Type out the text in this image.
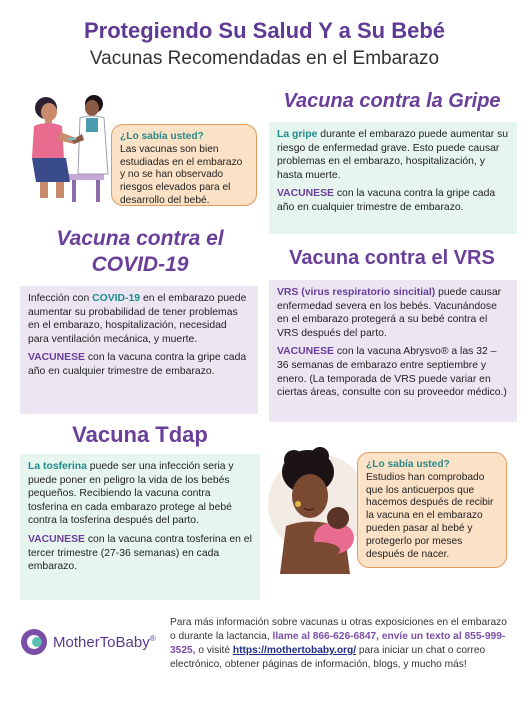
Protegiendo Su Salud Y a Su Bebé
Vacunas Recomendadas en el Embarazo
¿Lo sabía usted?
Las vacunas son bien estudiadas en el embarazo y no se han observado riesgos elevados para el desarrollo del bebé.
Vacuna contra la Gripe

La gripe durante el embarazo puede aumentar su riesgo de enfermedad grave. Esto puede causar problemas en el embarazo, hospitalización, y hasta muerte.

VACUNESE con la vacuna contra la gripe cada año en cualquier trimestre de embarazo.

Vacuna contra el
COVID-19

Infección con COVID-19 en el embarazo puede aumentar su probabilidad de tener problemas en el embarazo, hospitalización, necesidad para ventilación mecánica, y muerte.

VACUNESE con la vacuna contra la gripe cada año en cualquier trimestre de embarazo.

Vacuna contra el VRS

VRS (virus respiratorio sincitial) puede causar enfermedad severa en los bebés. Vacunándose en el embarazo protegerá a su bebé contra el VRS después del parto.

VACUNESE con la vacuna Abrysvo® a las 32 – 36 semanas de embarazo entre septiembre y enero. (La temporada de VRS puede variar en ciertas áreas, consulte con su proveedor médico.)

Vacuna Tdap

La tosferina puede ser una infección seria y puede poner en peligro la vida de los bebés pequeños. Recibiendo la vacuna contra tosferina en cada embarazo protege al bebé contra la tosferina después del parto.

VACUNESE con la vacuna contra tosferina en el tercer trimestre (27-36 semanas) en cada embarazo.

¿Lo sabía usted?
Estudios han comprobado que los anticuerpos que hacemos después de recibir la vacuna en el embarazo pueden pasar al bebé y protegerlo por meses después de nacer.
MotherToBaby ®
Para más información sobre vacunas u otras exposiciones en el embarazo o durante la lactancia, llame al 866-626-6847, envíe un texto al 855-999-3525, o visité https://mothertobaby.org/ para iniciar un chat o correo electrónico, obtener páginas de información, blogs, y mucho más!
